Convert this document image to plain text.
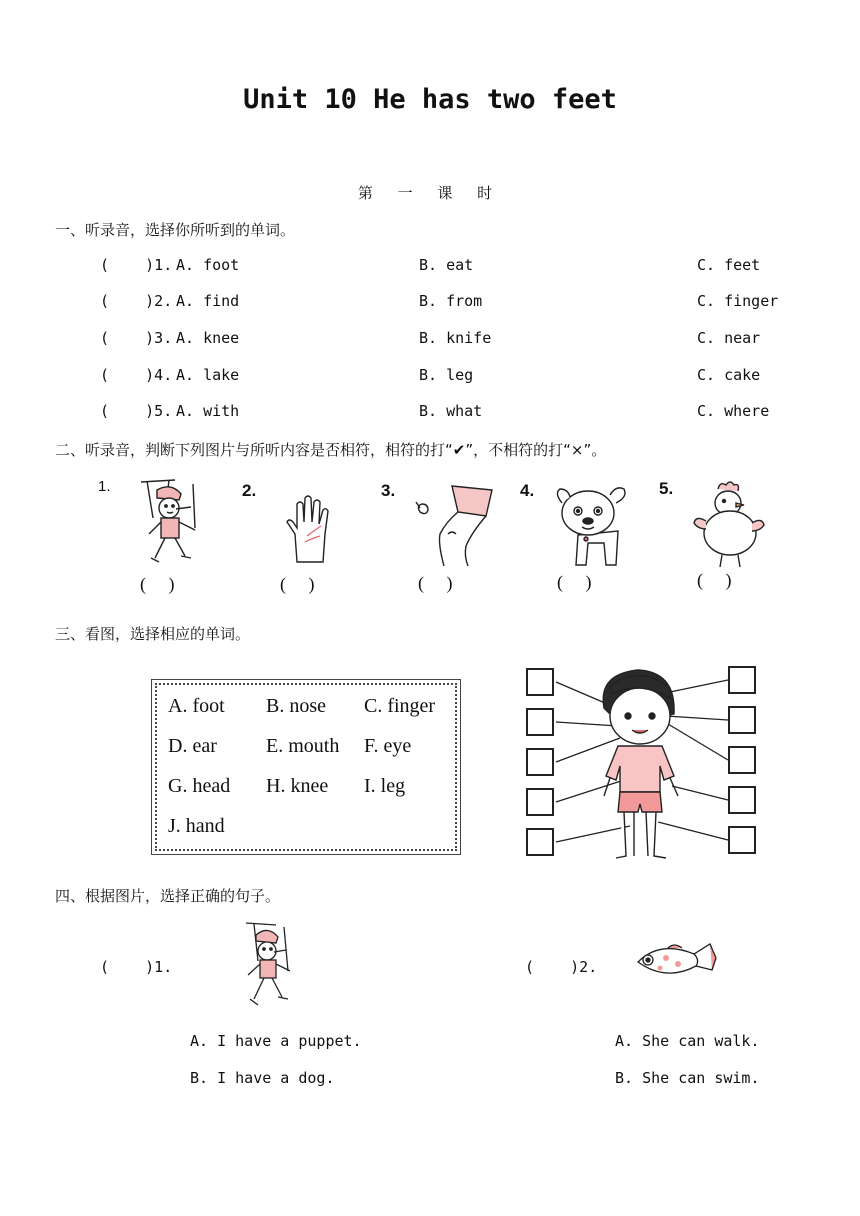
Unit 10 He has two feet
第 一 课 时
一、听录音，选择你所听到的单词。
(    )1. A. foot	B. eat	C. feet
(    )2. A. find	B. from	C. finger
(    )3. A. knee	B. knife	C. near
(    )4. A. lake	B. leg	C. cake
(    )5. A. with	B. what	C. where
二、听录音，判断下列图片与所听内容是否相符，相符的打“✔”，不相符的打“×”。
1.
(     )
2.
(     )
3.
(     )
4.
(     )
5.
(     )
三、看图，选择相应的单词。
A. foot B. nose C. finger
D. ear E. mouth F. eye
G. head H. knee I. leg
J. hand
四、根据图片，选择正确的句子。
(    )1.
A. I have a puppet.
B. I have a dog.
(    )2.
A. She can walk.
B. She can swim.
